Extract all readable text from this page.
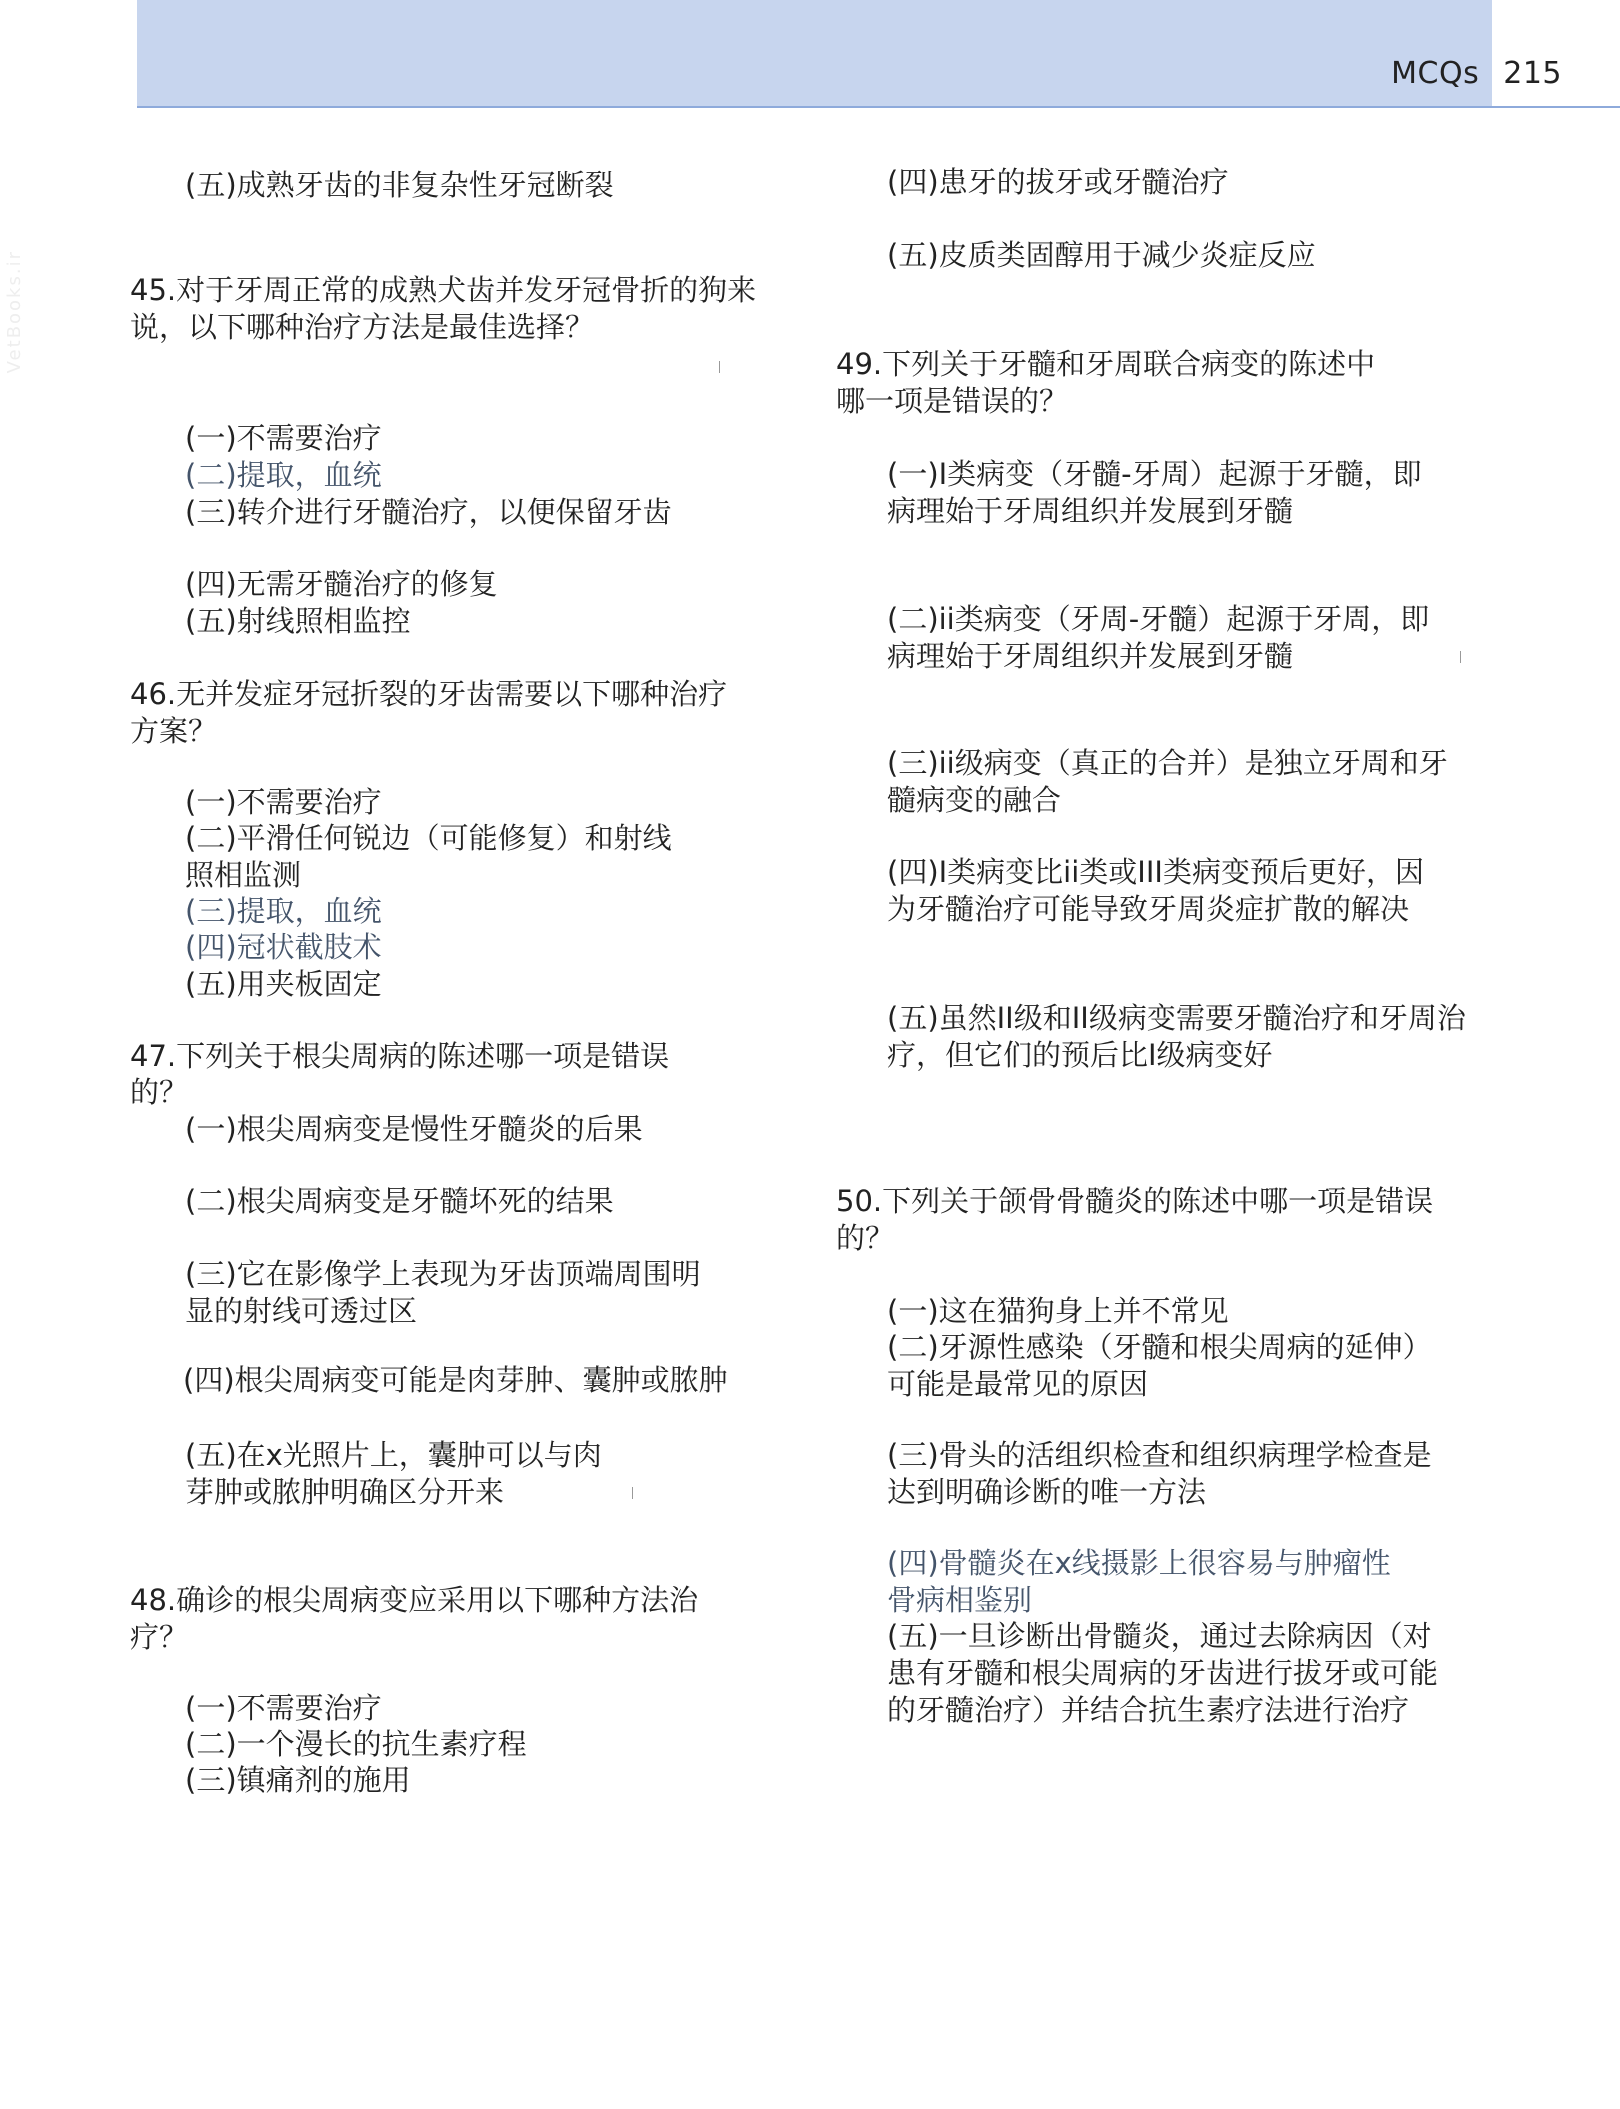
MCQs 215
VetBooks.ir
(五)成熟牙齿的非复杂性牙冠断裂
45.对于牙周正常的成熟犬齿并发牙冠骨折的狗来
说，以下哪种治疗方法是最佳选择？
(一)不需要治疗
(二)提取，血统
(三)转介进行牙髓治疗，以便保留牙齿
(四)无需牙髓治疗的修复
(五)射线照相监控
46.无并发症牙冠折裂的牙齿需要以下哪种治疗
方案？
(一)不需要治疗
(二)平滑任何锐边（可能修复）和射线
照相监测
(三)提取，血统
(四)冠状截肢术
(五)用夹板固定
47.下列关于根尖周病的陈述哪一项是错误
的？
(一)根尖周病变是慢性牙髓炎的后果
(二)根尖周病变是牙髓坏死的结果
(三)它在影像学上表现为牙齿顶端周围明
显的射线可透过区
(四)根尖周病变可能是肉芽肿、囊肿或脓肿
(五)在x光照片上，囊肿可以与肉
芽肿或脓肿明确区分开来
48.确诊的根尖周病变应采用以下哪种方法治
疗？
(一)不需要治疗
(二)一个漫长的抗生素疗程
(三)镇痛剂的施用
(四)患牙的拔牙或牙髓治疗
(五)皮质类固醇用于减少炎症反应
49.下列关于牙髓和牙周联合病变的陈述中
哪一项是错误的？
(一)I类病变（牙髓-牙周）起源于牙髓，即
病理始于牙周组织并发展到牙髓
(二)ii类病变（牙周-牙髓）起源于牙周，即
病理始于牙周组织并发展到牙髓
(三)ii级病变（真正的合并）是独立牙周和牙
髓病变的融合
(四)I类病变比ii类或III类病变预后更好，因
为牙髓治疗可能导致牙周炎症扩散的解决
(五)虽然II级和II级病变需要牙髓治疗和牙周治
疗，但它们的预后比I级病变好
50.下列关于颌骨骨髓炎的陈述中哪一项是错误
的？
(一)这在猫狗身上并不常见
(二)牙源性感染（牙髓和根尖周病的延伸）
可能是最常见的原因
(三)骨头的活组织检查和组织病理学检查是
达到明确诊断的唯一方法
(四)骨髓炎在x线摄影上很容易与肿瘤性
骨病相鉴别
(五)一旦诊断出骨髓炎，通过去除病因（对
患有牙髓和根尖周病的牙齿进行拔牙或可能
的牙髓治疗）并结合抗生素疗法进行治疗
